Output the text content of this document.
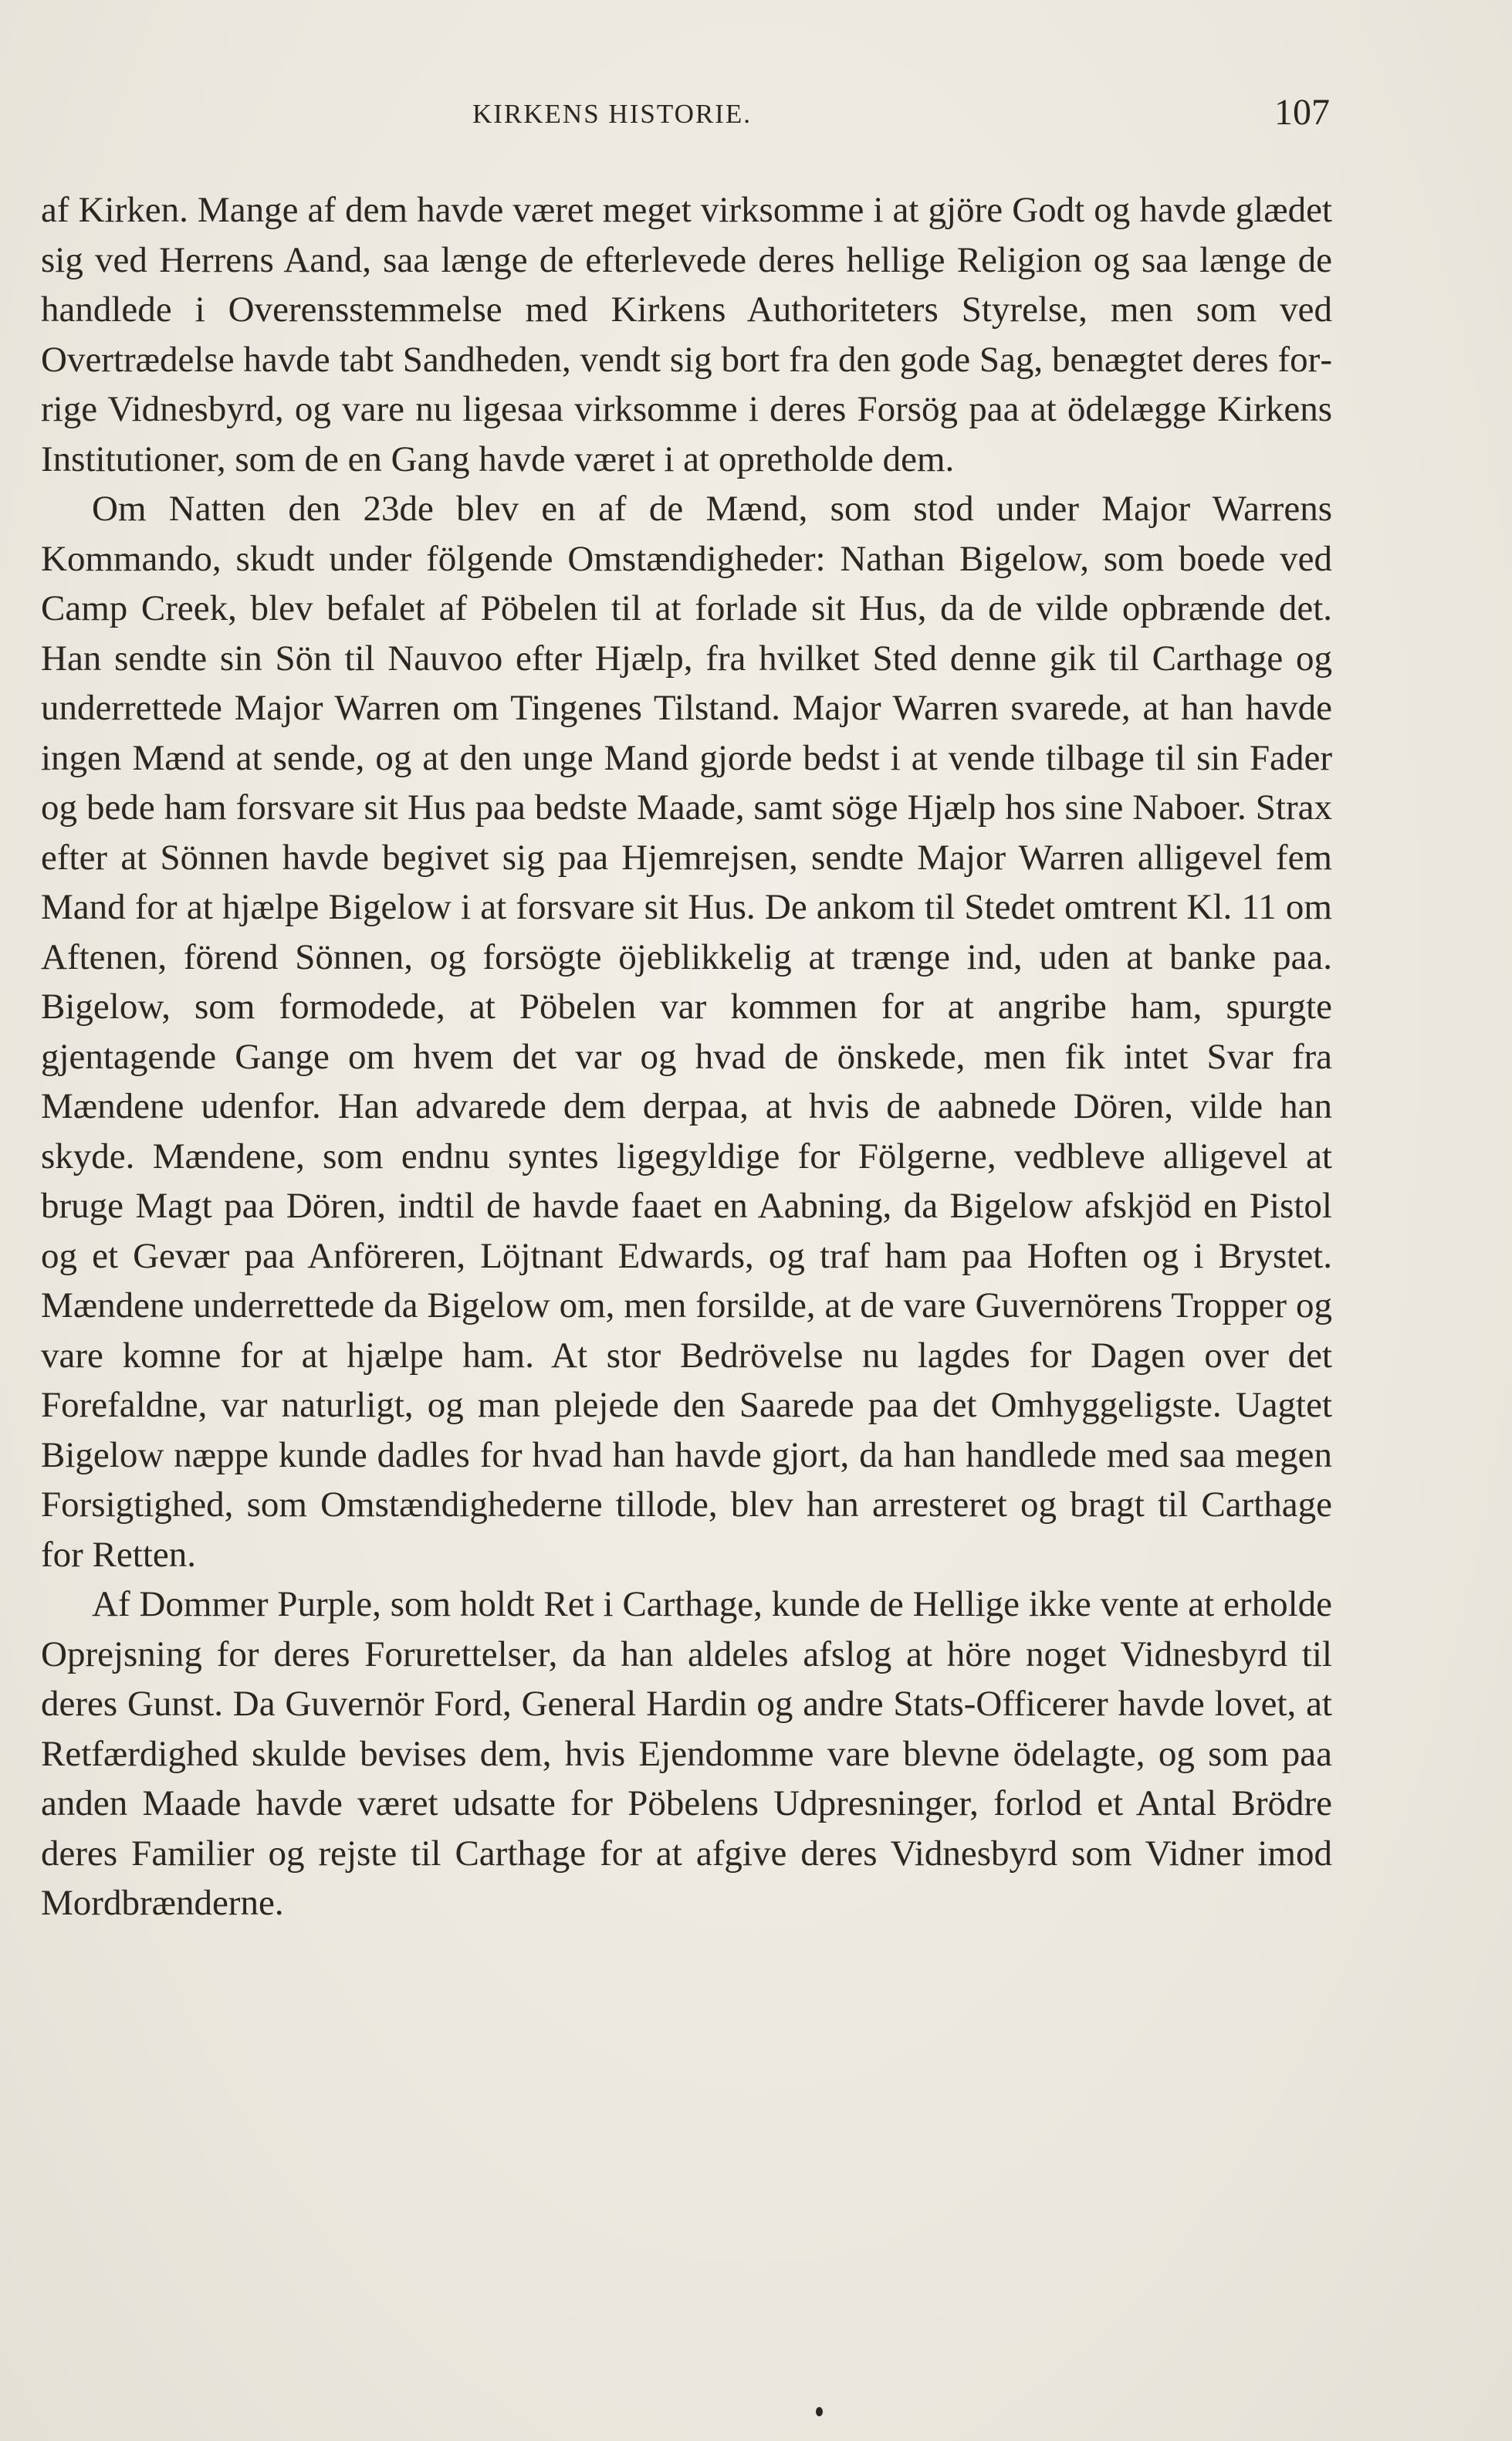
KIRKENS HISTORIE.	107

af Kirken. Mange af dem havde været meget virksomme i at gjöre Godt og havde glædet sig ved Herrens Aand, saa længe de efterlevede deres hellige Religion og saa længe de handlede i Overensstemmelse med Kirkens Authoriteters Styrelse, men som ved Overtrædelse havde tabt Sandheden, vendt sig bort fra den gode Sag, benægtet deres forrige Vidnesbyrd, og vare nu ligesaa virksomme i deres Forsög paa at ödelægge Kirkens Institutioner, som de en Gang havde været i at opretholde dem.

Om Natten den 23de blev en af de Mænd, som stod under Major Warrens Kommando, skudt under fölgende Omstændigheder: Nathan Bigelow, som boede ved Camp Creek, blev befalet af Pöbelen til at forlade sit Hus, da de vilde opbrænde det. Han sendte sin Sön til Nauvoo efter Hjælp, fra hvilket Sted denne gik til Carthage og underrettede Major Warren om Tingenes Tilstand. Major Warren svarede, at han havde ingen Mænd at sende, og at den unge Mand gjorde bedst i at vende tilbage til sin Fader og bede ham forsvare sit Hus paa bedste Maade, samt söge Hjælp hos sine Naboer. Strax efter at Sönnen havde begivet sig paa Hjemrejsen, sendte Major Warren alligevel fem Mand for at hjælpe Bigelow i at forsvare sit Hus. De ankom til Stedet omtrent Kl. 11 om Aftenen, förend Sönnen, og forsögte öjeblikkelig at trænge ind, uden at banke paa. Bigelow, som formodede, at Pöbelen var kommen for at angribe ham, spurgte gjentagende Gange om hvem det var og hvad de önskede, men fik intet Svar fra Mændene udenfor. Han advarede dem derpaa, at hvis de aabnede Dören, vilde han skyde. Mændene, som endnu syntes ligegyldige for Fölgerne, vedbleve alligevel at bruge Magt paa Dören, indtil de havde faaet en Aabning, da Bigelow afskjöd en Pistol og et Gevær paa Anföreren, Löjtnant Edwards, og traf ham paa Hoften og i Brystet. Mændene underrettede da Bigelow om, men forsilde, at de vare Guvernörens Tropper og vare komne for at hjælpe ham. At stor Bedrövelse nu lagdes for Dagen over det Forefaldne, var naturligt, og man plejede den Saarede paa det Omhyggeligste. Uagtet Bigelow næppe kunde dadles for hvad han havde gjort, da han handlede med saa megen Forsigtighed, som Omstændighederne tillode, blev han arresteret og bragt til Carthage for Retten.

Af Dommer Purple, som holdt Ret i Carthage, kunde de Hellige ikke vente at erholde Oprejsning for deres Forurettelser, da han aldeles afslog at höre noget Vidnesbyrd til deres Gunst. Da Guvernör Ford, General Hardin og andre Stats-Officerer havde lovet, at Retfærdighed skulde bevises dem, hvis Ejendomme vare blevne ödelagte, og som paa anden Maade havde været udsatte for Pöbelens Udpresninger, forlod et Antal Brödre deres Familier og rejste til Carthage for at afgive deres Vidnesbyrd som Vidner imod Mordbrænderne.
